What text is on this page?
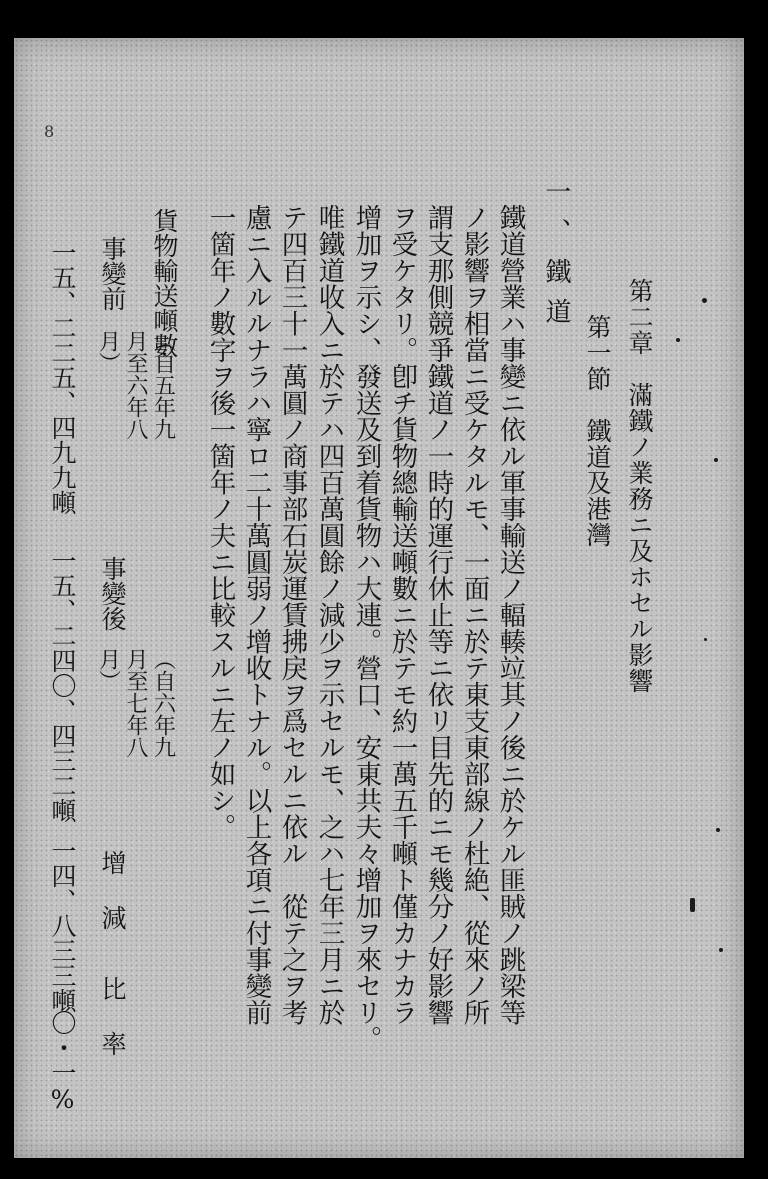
8
第二章　滿鐵ノ業務ニ及ホセル影響
第一節　鐵道及港灣
一、鐵道
鐵道營業ハ事變ニ依ル軍事輸送ノ輻輳竝其ノ後ニ於ケル匪賊ノ跳梁等
ノ影響ヲ相當ニ受ケタルモ、一面ニ於テ東支東部線ノ杜絶、從來ノ所
謂支那側競爭鐵道ノ一時的運行休止等ニ依リ目先的ニモ幾分ノ好影響
ヲ受ケタリ。卽チ貨物總輸送噸數ニ於テモ約一萬五千噸ト僅カナカラ
增加ヲ示シ、發送及到着貨物ハ大連。營口、安東共夫々增加ヲ來セリ。
唯鐵道收入ニ於テハ四百萬圓餘ノ減少ヲ示セルモ、之ハ七年三月ニ於
テ四百三十一萬圓ノ商事部石炭運賃拂戾ヲ爲セルニ依ル　從テ之ヲ考
慮ニ入ルルナラハ寧ロ二十萬圓弱ノ增收トナル。以上各項ニ付事變前
一箇年ノ數字ヲ後一箇年ノ夫ニ比較スルニ左ノ如シ。
貨物輸送噸數
事變前
（自五年九月至六年八月）
一五、二二五、四九九噸
事變後
（自六年九月至七年八月）
一五、二四〇、四三二噸
增減
一四、八三三噸
比率
〇・一%
